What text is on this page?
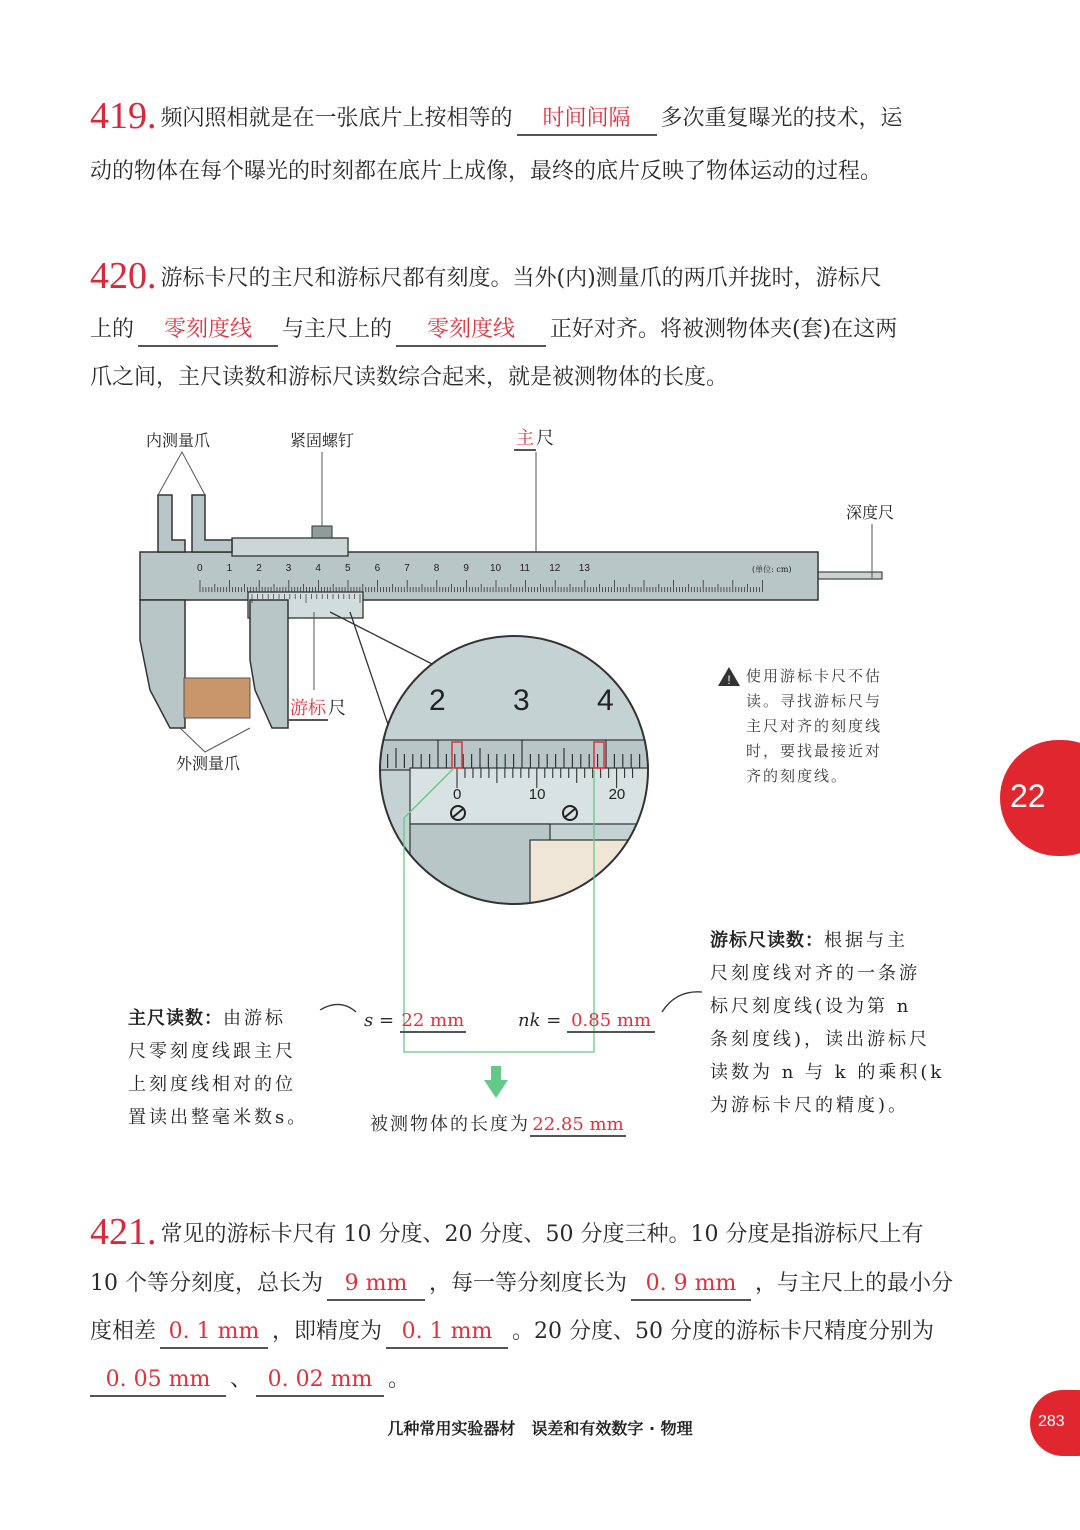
419. 频闪照相就是在一张底片上按相等的 时间间隔 多次重复曝光的技术，运
动的物体在每个曝光的时刻都在底片上成像，最终的底片反映了物体运动的过程。
420. 游标卡尺的主尺和游标尺都有刻度。当外(内)测量爪的两爪并拢时，游标尺
上的 零刻度线 与主尺上的 零刻度线 正好对齐。将被测物体夹(套)在这两
爪之间，主尺读数和游标尺读数综合起来，就是被测物体的长度。
!
内测量爪	紧固螺钉	主 尺
深度尺
游标 尺
外测量爪
(单位: cm)
0 1 2 3 4 5 6 7 8 9 10 11 12 13
2 3 4
0	10	20
使用游标卡尺不估
读。寻找游标尺与
主尺对齐的刻度线
时，要找最接近对
齐的刻度线。
主尺读数：由游标
尺零刻度线跟主尺
上刻度线相对的位
置读出整毫米数s。
游标尺读数：根据与主
尺刻度线对齐的一条游
标尺刻度线(设为第 n
条刻度线)，读出游标尺
读数为 n 与 k 的乘积(k
为游标卡尺的精度)。
s = 22 mm	nk = 0.85 mm
被测物体的长度为 22.85 mm
421. 常见的游标卡尺有 10 分度、20 分度、50 分度三种。10 分度是指游标尺上有
10 个等分刻度，总长为 9 mm ，每一等分刻度长为 0. 9 mm ，与主尺上的最小分
度相差 0. 1 mm ，即精度为 0. 1 mm 。20 分度、50 分度的游标卡尺精度分别为
0. 05 mm 、 0. 02 mm 。
22
几种常用实验器材　误差和有效数字 · 物理	283
